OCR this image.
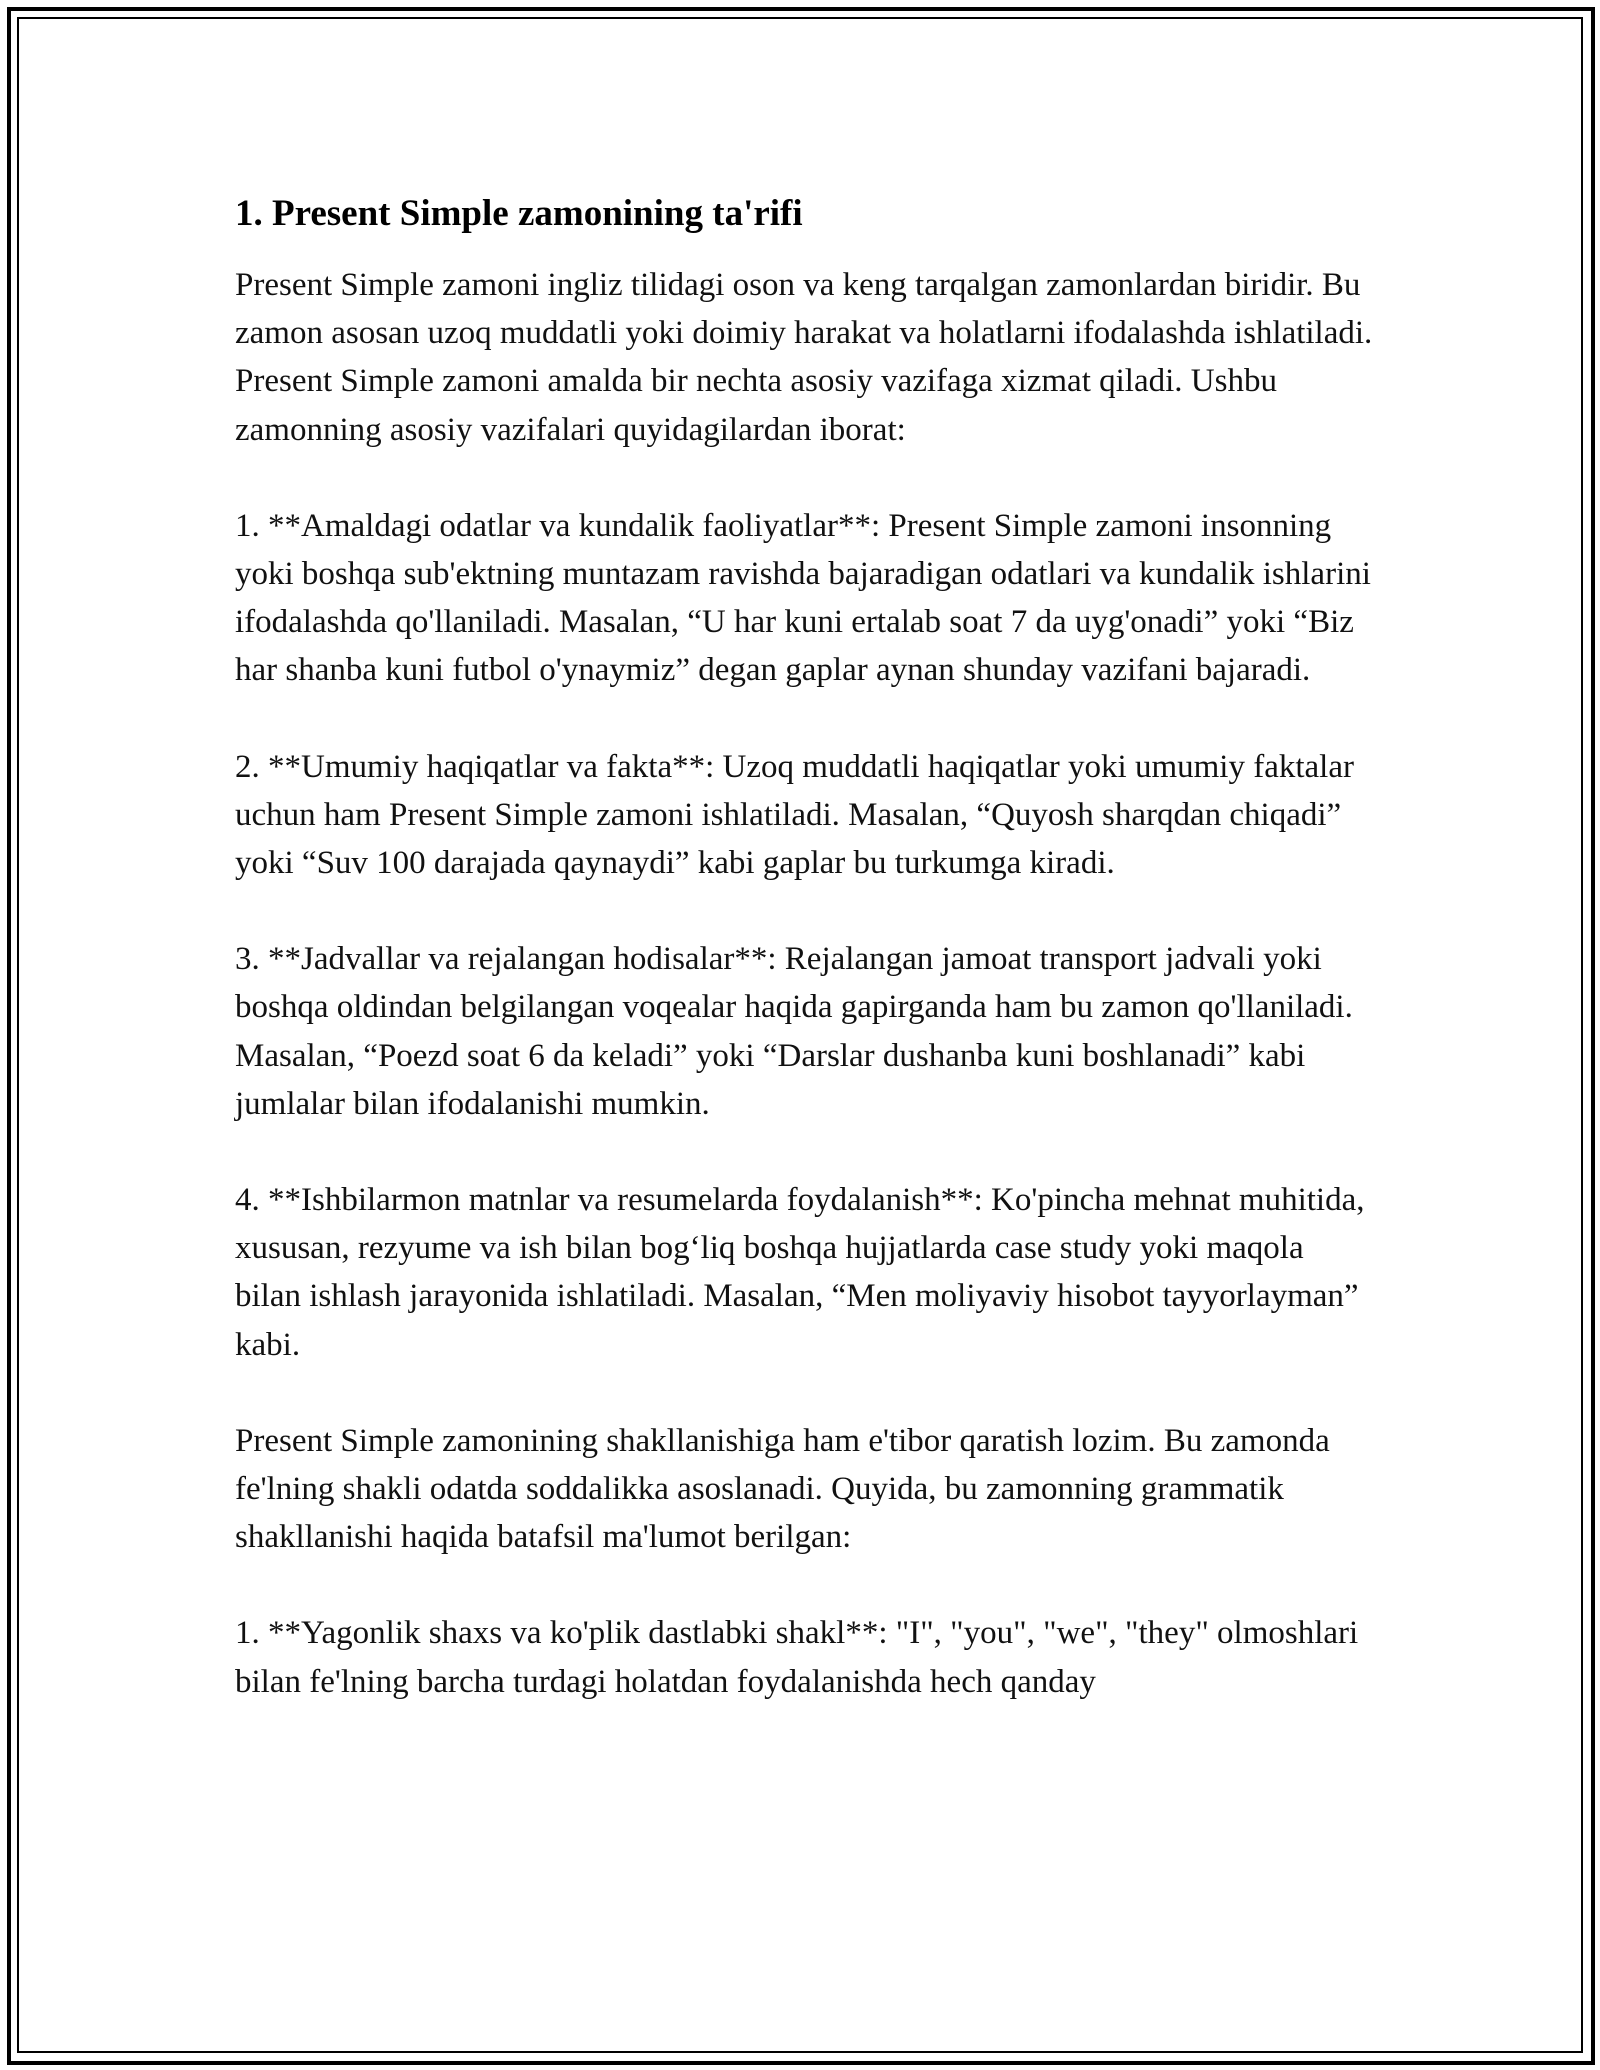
1. Present Simple zamonining ta'rifi

Present Simple zamoni ingliz tilidagi oson va keng tarqalgan zamonlardan biridir. Bu zamon asosan uzoq muddatli yoki doimiy harakat va holatlarni ifodalashda ishlatiladi. Present Simple zamoni amalda bir nechta asosiy vazifaga xizmat qiladi. Ushbu zamonning asosiy vazifalari quyidagilardan iborat:

1. **Amaldagi odatlar va kundalik faoliyatlar**: Present Simple zamoni insonning yoki boshqa sub'ektning muntazam ravishda bajaradigan odatlari va kundalik ishlarini ifodalashda qo'llaniladi. Masalan, “U har kuni ertalab soat 7 da uyg'onadi” yoki “Biz har shanba kuni futbol o'ynaymiz” degan gaplar aynan shunday vazifani bajaradi.

2. **Umumiy haqiqatlar va fakta**: Uzoq muddatli haqiqatlar yoki umumiy faktalar uchun ham Present Simple zamoni ishlatiladi. Masalan, “Quyosh sharqdan chiqadi” yoki “Suv 100 darajada qaynaydi” kabi gaplar bu turkumga kiradi.

3. **Jadvallar va rejalangan hodisalar**: Rejalangan jamoat transport jadvali yoki boshqa oldindan belgilangan voqealar haqida gapirganda ham bu zamon qo'llaniladi. Masalan, “Poezd soat 6 da keladi” yoki “Darslar dushanba kuni boshlanadi” kabi jumlalar bilan ifodalanishi mumkin.

4. **Ishbilarmon matnlar va resumelarda foydalanish**: Ko'pincha mehnat muhitida, xususan, rezyume va ish bilan bog‘liq boshqa hujjatlarda case study yoki maqola bilan ishlash jarayonida ishlatiladi. Masalan, “Men moliyaviy hisobot tayyorlayman” kabi.

Present Simple zamonining shakllanishiga ham e'tibor qaratish lozim. Bu zamonda fe'lning shakli odatda soddalikka asoslanadi. Quyida, bu zamonning grammatik shakllanishi haqida batafsil ma'lumot berilgan:

1. **Yagonlik shaxs va ko'plik dastlabki shakl**: "I", "you", "we", "they" olmoshlari bilan fe'lning barcha turdagi holatdan foydalanishda hech qanday
